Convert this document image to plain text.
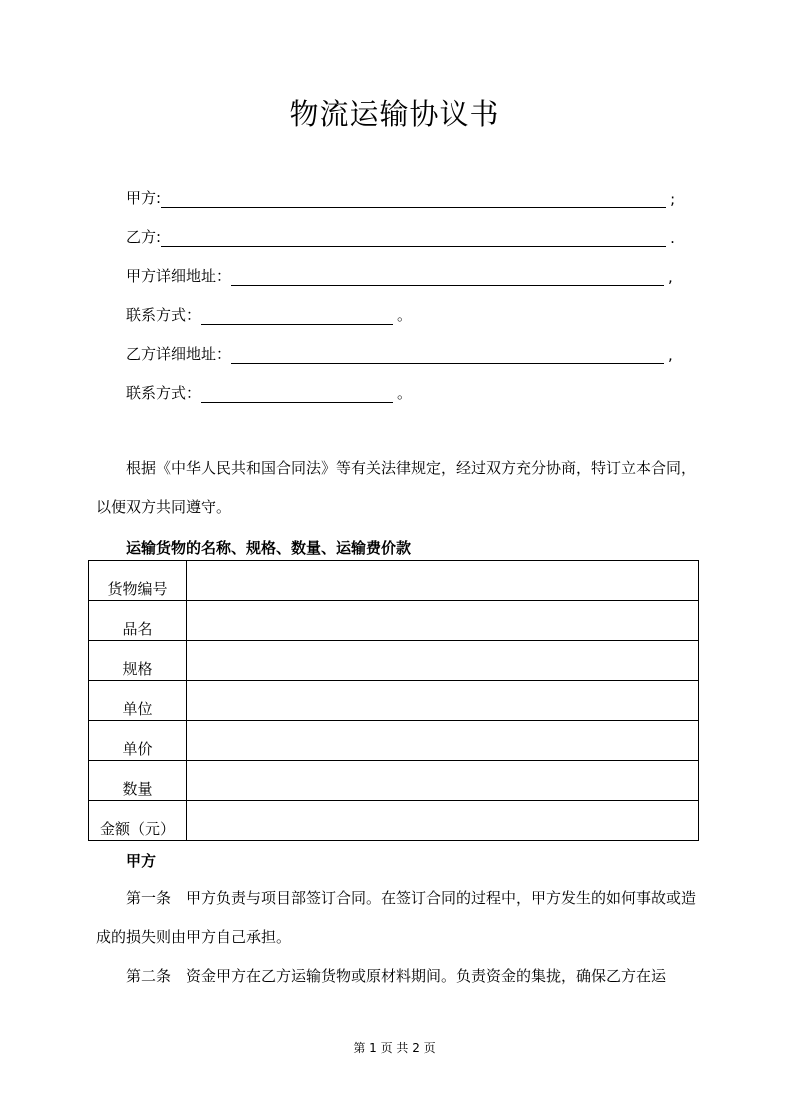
物流运输协议书
甲方:	;
乙方:	.
甲方详细地址：	,
联系方式：	。
乙方详细地址：	,
联系方式：	。
根据《中华人民共和国合同法》等有关法律规定，经过双方充分协商，特订立本合同，以便双方共同遵守。
运输货物的名称、规格、数量、运输费价款
货物编号	
品名	
规格	
单位	
单价	
数量	
金额（元）	
甲方
第一条　甲方负责与项目部签订合同。在签订合同的过程中，甲方发生的如何事故或造成的损失则由甲方自己承担。
第二条　资金甲方在乙方运输货物或原材料期间。负责资金的集拢，确保乙方在运
第 1 页 共 2 页
